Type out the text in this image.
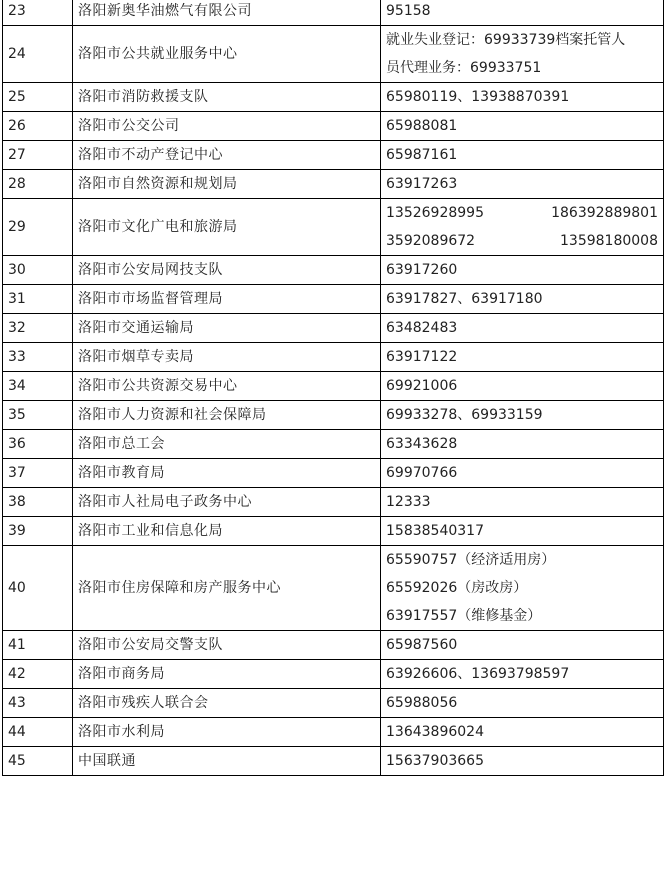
23	洛阳新奥华油燃气有限公司	95158

24	洛阳市公共就业服务中心	就业失业登记：69933739档案托管人
员代理业务：69933751

25	洛阳市消防救援支队	65980119、13938870391

26	洛阳市公交公司	65988081

27	洛阳市不动产登记中心	65987161

28	洛阳市自然资源和规划局	63917263

29	洛阳市文化广电和旅游局	13526928995 18639288980​1
3592089672 13598180008

30	洛阳市公安局网技支队	63917260

31	洛阳市市场监督管理局	63917827、63917180

32	洛阳市交通运输局	63482483

33	洛阳市烟草专卖局	63917122

34	洛阳市公共资源交易中心	69921006

35	洛阳市人力资源和社会保障局	69933278、69933159

36	洛阳市总工会	63343628

37	洛阳市教育局	69970766

38	洛阳市人社局电子政务中心	12333

39	洛阳市工业和信息化局	15838540317

40	洛阳市住房保障和房产服务中心	65590757（经济适用房）
65592026（房改房）
63917557（维修基金）

41	洛阳市公安局交警支队	65987560

42	洛阳市商务局	63926606、13693798597

43	洛阳市残疾人联合会	65988056

44	洛阳市水利局	13643896024

45	中国联通	15637903665
